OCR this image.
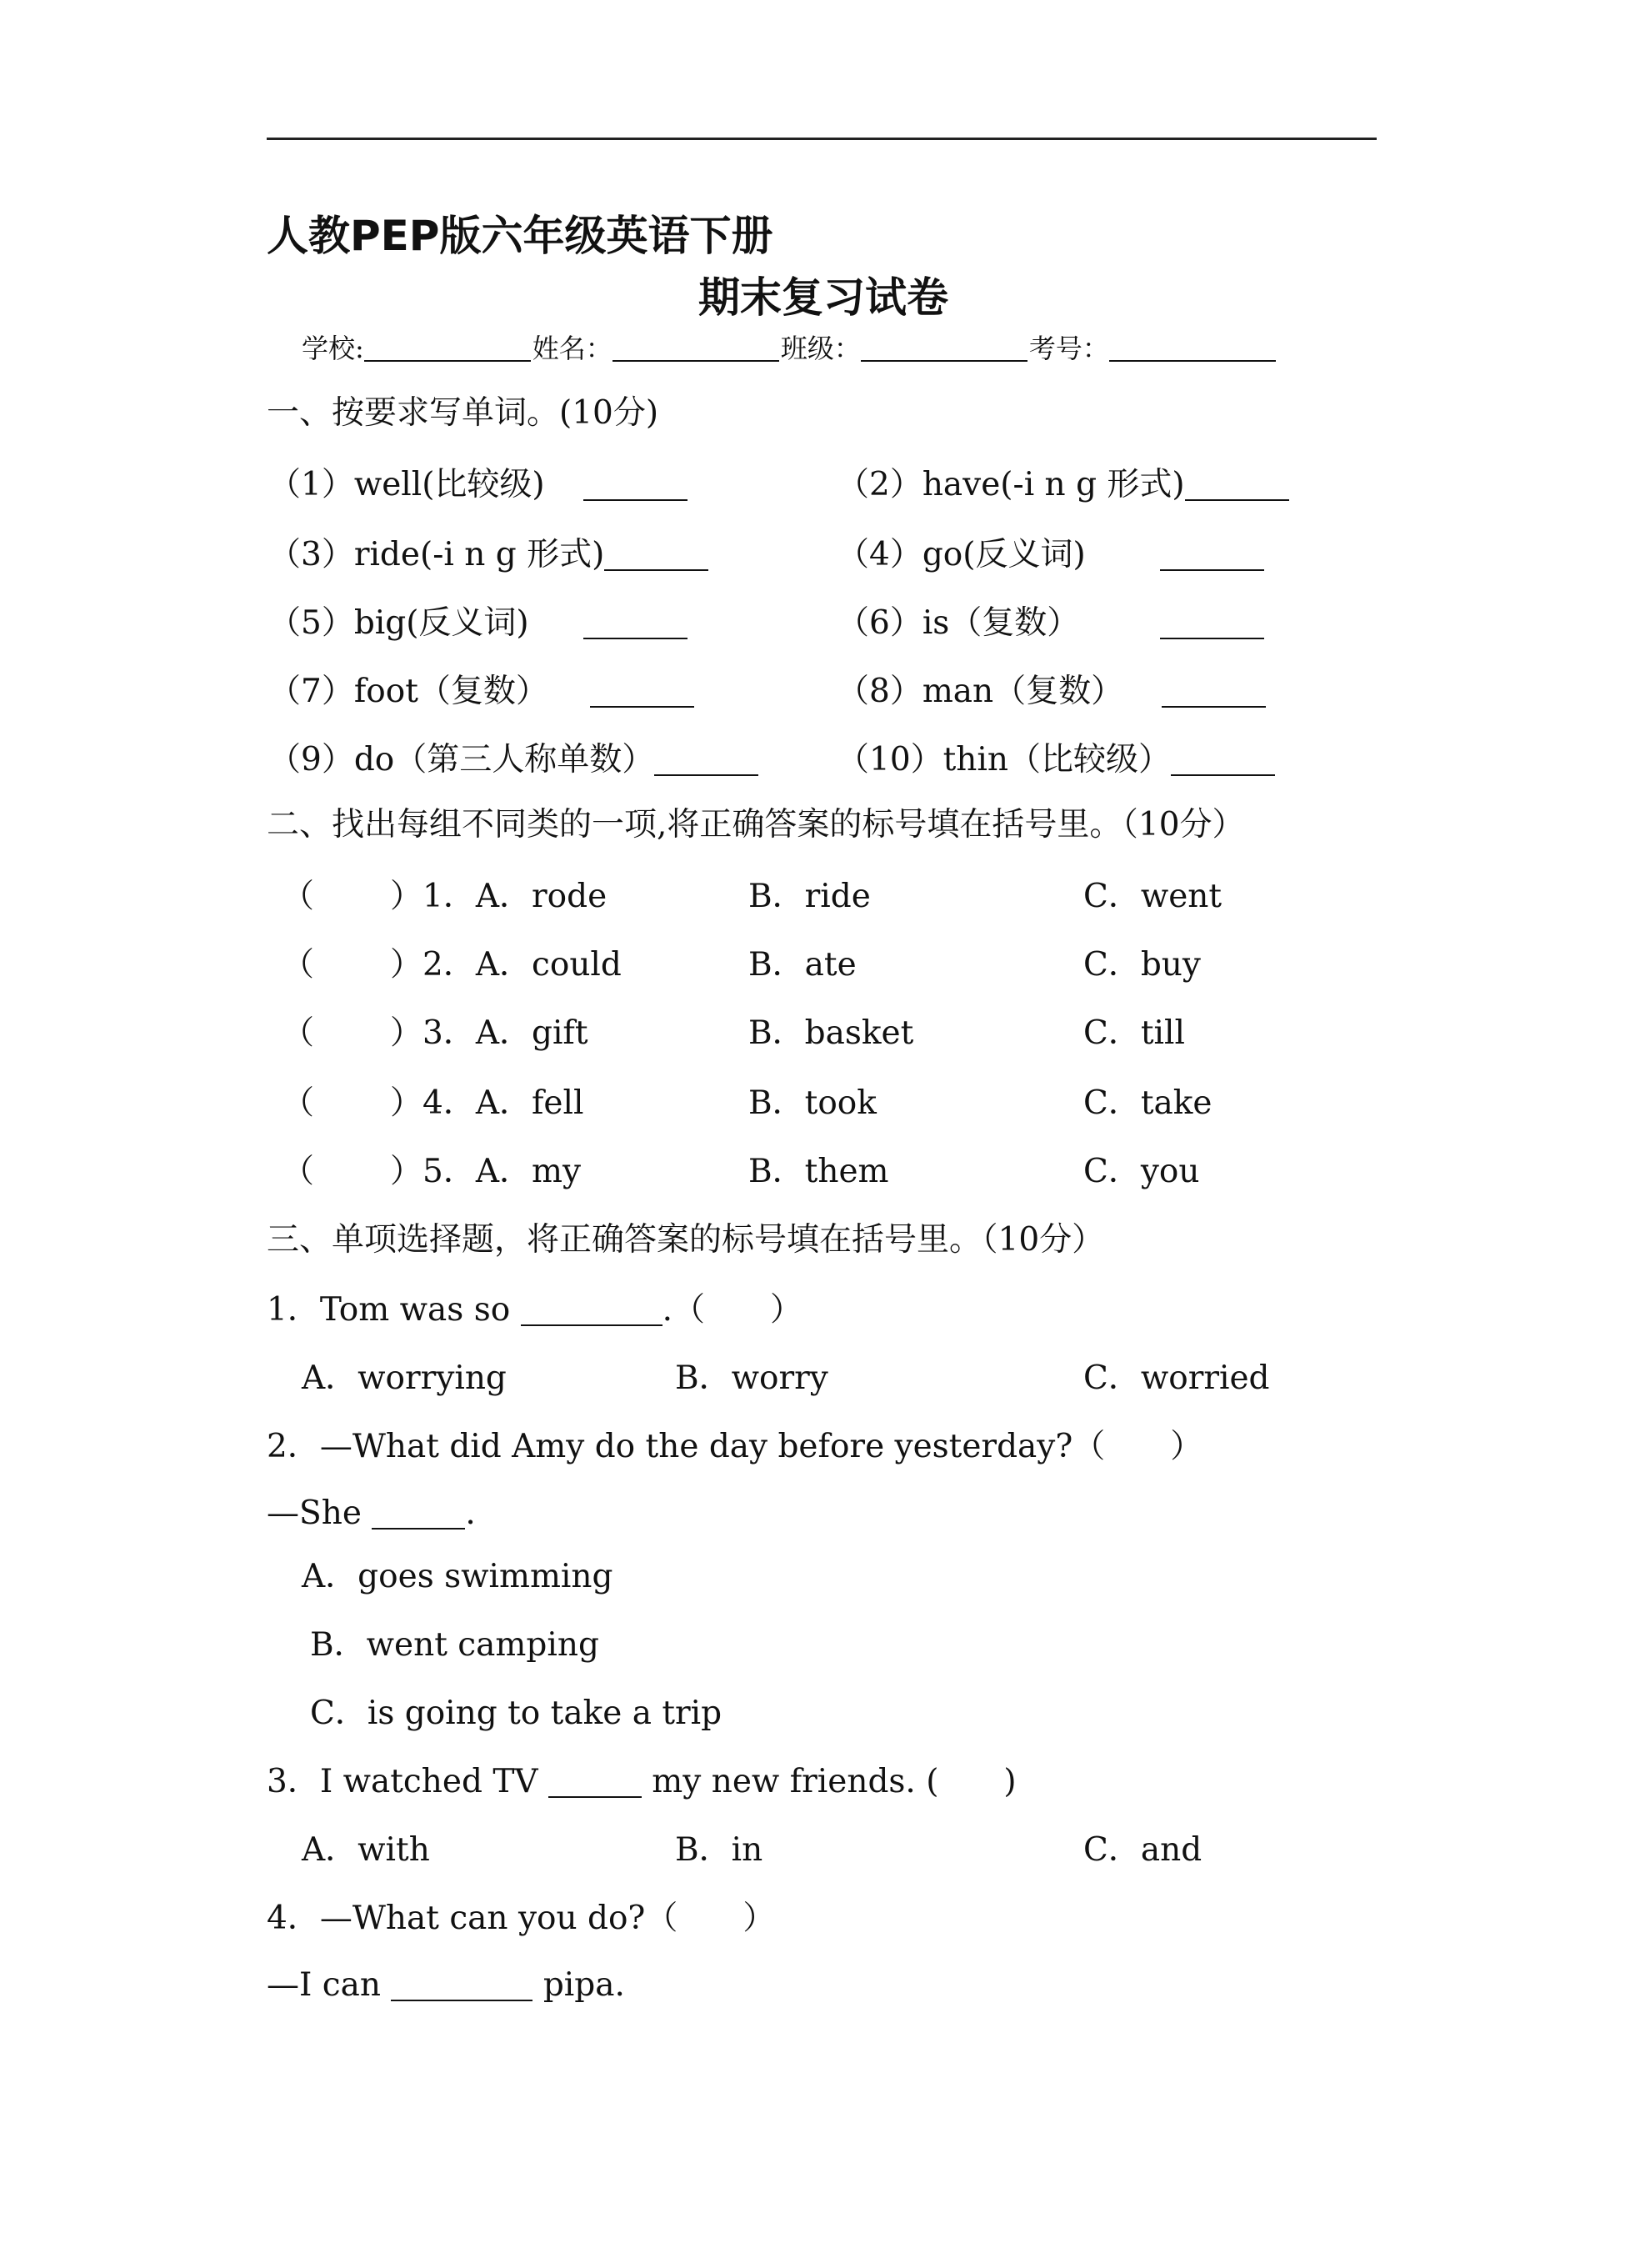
人教PEP版六年级英语下册
期末复习试卷
学校:	姓名：	班级：	考号：
一、按要求写单词。(10分)
（1）well(比较级)	（2）have(-i n g 形式)
（3）ride(-i n g 形式)	（4）go(反义词)
（5）big(反义词)	（6）is（复数）
（7）foot（复数）	（8）man（复数）
（9）do（第三人称单数）	（10）thin（比较级）
二、找出每组不同类的一项,将正确答案的标号填在括号里。（10分）
（ ）1．A．rode	B．ride	C．went
（ ）2．A．could	B．ate	C．buy
（ ）3．A．gift	B．basket	C．till
（ ）4．A．fell	B．took	C．take
（ ）5．A．my	B．them	C．you
三、单项选择题，将正确答案的标号填在括号里。（10分）
1．Tom was so	.（　　）
A．worrying	B．worry	C．worried
2．—What did Amy do the day before yesterday?（　　）
—She	.
A．goes swimming
B．went camping
C．is going to take a trip
3．I watched TV	my new friends. (　　)
A．with	B．in	C．and
4．—What can you do?（　　）
—I can	pipa.
